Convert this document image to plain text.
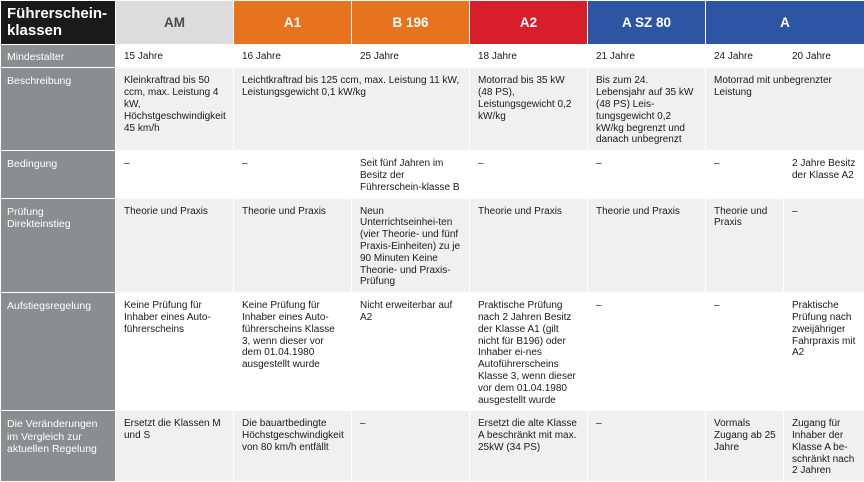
Führerschein-klassen	AM	A1	B 196	A2	A SZ 80	A	

Mindestalter	15 Jahre	16 Jahre	25 Jahre	18 Jahre	21 Jahre	24 Jahre	20 Jahre

Beschreibung	Kleinkraftrad bis 50 ccm, max. Leistung 4 kW, Höchstgeschwindigkeit 45 km/h	Leichtkraftrad bis 125 ccm, max. Leistung 11 kW, Leistungsgewicht 0,1 kW/kg		Motorrad bis 35 kW (48 PS), Leistungsgewicht 0,2 kW/kg	Bis zum 24. Lebensjahr auf 35 kW (48 PS) Leis-tungsgewicht 0,2 kW/kg begrenzt und danach unbegrenzt	Motorrad mit unbegrenzter Leistung	

Bedingung	–	–	Seit fünf Jahren im Besitz der Führerschein-klasse B	–	–	–	2 Jahre Besitz der Klasse A2

Prüfung Direkteinstieg	Theorie und Praxis	Theorie und Praxis	Neun Unterrichtseinhei-ten (vier Theorie- und fünf Praxis-Einheiten) zu je 90 Minuten Keine Theorie- und Praxis-Prüfung	Theorie und Praxis	Theorie und Praxis	Theorie und Praxis	–

Aufstiegsregelung	Keine Prüfung für Inhaber eines Auto-führerscheins	Keine Prüfung für Inhaber eines Auto-führerscheins Klasse 3, wenn dieser vor dem 01.04.1980 ausgestellt wurde	Nicht erweiterbar auf A2	Praktische Prüfung nach 2 Jahren Besitz der Klasse A1 (gilt nicht für B196) oder Inhaber ei-nes Autoführerscheins Klasse 3, wenn dieser vor dem 01.04.1980 ausgestellt wurde	–	–	Praktische Prüfung nach zweijähriger Fahrpraxis mit A2

Die Veränderungen im Vergleich zur aktuellen Regelung	Ersetzt die Klassen M und S	Die bauartbedingte Höchstgeschwindigkeit von 80 km/h entfällt	–	Ersetzt die alte Klasse A beschränkt mit max. 25kW (34 PS)	–	Vormals Zugang ab 25 Jahre	Zugang für Inhaber der Klasse A be-schränkt nach 2 Jahren
